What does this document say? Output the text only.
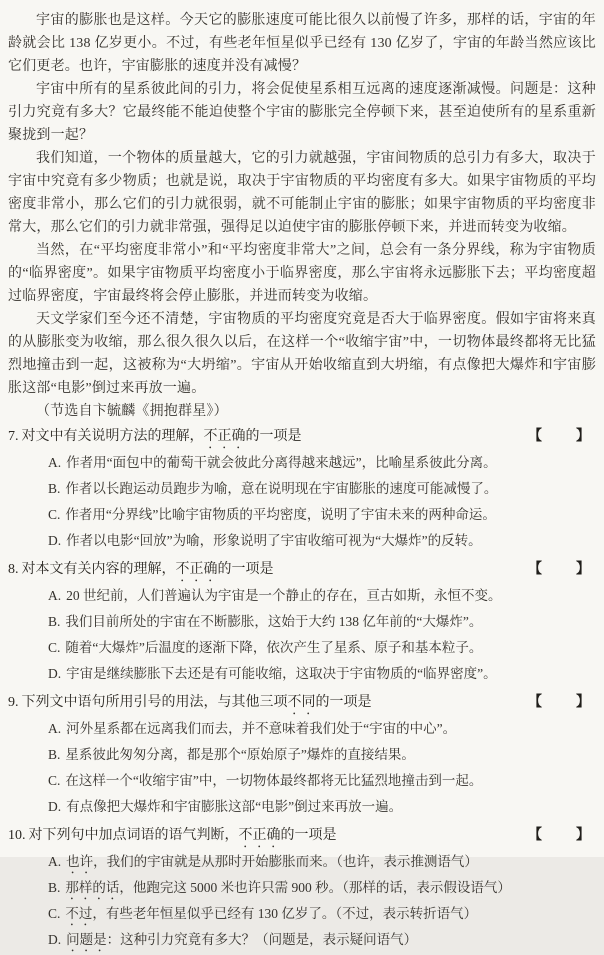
宇宙的膨胀也是这样。今天它的膨胀速度可能比很久以前慢了许多，那样的话，宇宙的年龄就会比 138 亿岁更小。不过，有些老年恒星似乎已经有 130 亿岁了，宇宙的年龄当然应该比它们更老。也许，宇宙膨胀的速度并没有减慢？

宇宙中所有的星系彼此间的引力，将会促使星系相互远离的速度逐渐减慢。问题是：这种引力究竟有多大？它最终能不能迫使整个宇宙的膨胀完全停顿下来，甚至迫使所有的星系重新聚拢到一起？

我们知道，一个物体的质量越大，它的引力就越强，宇宙间物质的总引力有多大，取决于宇宙中究竟有多少物质；也就是说，取决于宇宙物质的平均密度有多大。如果宇宙物质的平均密度非常小，那么它们的引力就很弱，就不可能制止宇宙的膨胀；如果宇宙物质的平均密度非常大，那么它们的引力就非常强，强得足以迫使宇宙的膨胀停顿下来，并进而转变为收缩。

当然，在“平均密度非常小”和“平均密度非常大”之间，总会有一条分界线，称为宇宙物质的“临界密度”。如果宇宙物质平均密度小于临界密度，那么宇宙将永远膨胀下去；平均密度超过临界密度，宇宙最终将会停止膨胀，并进而转变为收缩。

天文学家们至今还不清楚，宇宙物质的平均密度究竟是否大于临界密度。假如宇宙将来真的从膨胀变为收缩，那么很久很久以后，在这样一个“收缩宇宙”中，一切物体最终都将无比猛烈地撞击到一起，这被称为“大坍缩”。宇宙从开始收缩直到大坍缩，有点像把大爆炸和宇宙膨胀这部“电影”倒过来再放一遍。

（节选自卞毓麟《拥抱群星》）

7. 对文中有关说明方法的理解，不正确的一项是	【　　】
A. 作者用“面包中的葡萄干就会彼此分离得越来越远”，比喻星系彼此分离。
B. 作者以长跑运动员跑步为喻，意在说明现在宇宙膨胀的速度可能减慢了。
C. 作者用“分界线”比喻宇宙物质的平均密度，说明了宇宙未来的两种命运。
D. 作者以电影“回放”为喻，形象说明了宇宙收缩可视为“大爆炸”的反转。
8. 对本文有关内容的理解，不正确的一项是	【　　】
A. 20 世纪前，人们普遍认为宇宙是一个静止的存在，亘古如斯，永恒不变。
B. 我们目前所处的宇宙在不断膨胀，这始于大约 138 亿年前的“大爆炸”。
C. 随着“大爆炸”后温度的逐渐下降，依次产生了星系、原子和基本粒子。
D. 宇宙是继续膨胀下去还是有可能收缩，这取决于宇宙物质的“临界密度”。
9. 下列文中语句所用引号的用法，与其他三项不同的一项是	【　　】
A. 河外星系都在远离我们而去，并不意味着我们处于“宇宙的中心”。
B. 星系彼此匆匆分离，都是那个“原始原子”爆炸的直接结果。
C. 在这样一个“收缩宇宙”中，一切物体最终都将无比猛烈地撞击到一起。
D. 有点像把大爆炸和宇宙膨胀这部“电影”倒过来再放一遍。
10. 对下列句中加点词语的语气判断，不正确的一项是	【　　】
A. 也许，我们的宇宙就是从那时开始膨胀而来。（也许，表示推测语气）
B. 那样的话，他跑完这 5000 米也许只需 900 秒。（那样的话，表示假设语气）
C. 不过，有些老年恒星似乎已经有 130 亿岁了。（不过，表示转折语气）
D. 问题是：这种引力究竟有多大？（问题是，表示疑问语气）
